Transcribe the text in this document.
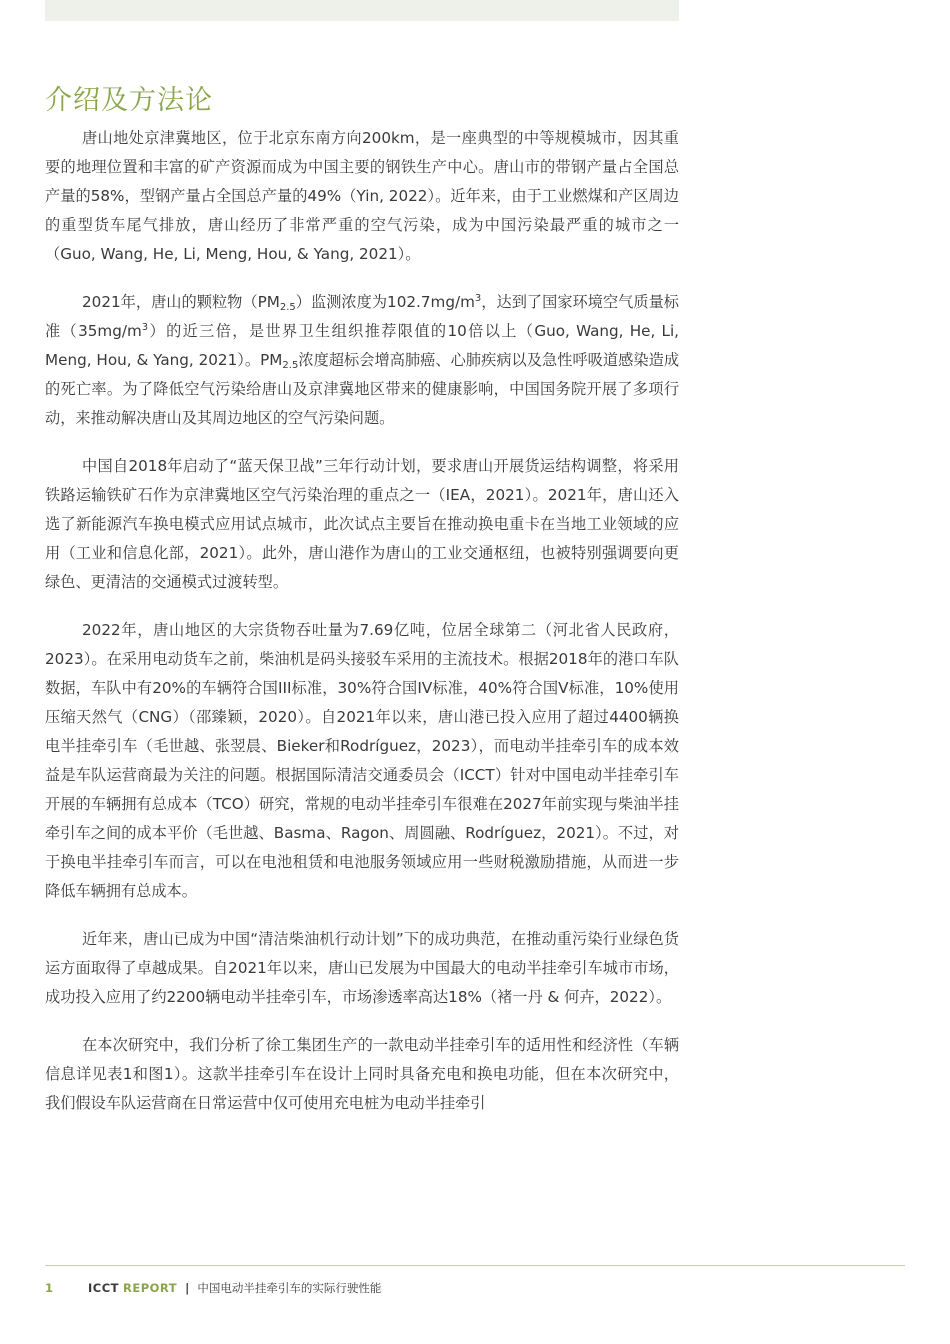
介绍及方法论

唐山地处京津冀地区，位于北京东南方向200km，是一座典型的中等规模城市，因其重要的地理位置和丰富的矿产资源而成为中国主要的钢铁生产中心。唐山市的带钢产量占全国总产量的58%，型钢产量占全国总产量的49%（Yin, 2022）。近年来，由于工业燃煤和产区周边的重型货车尾气排放，唐山经历了非常严重的空气污染，成为中国污染最严重的城市之一（Guo, Wang, He, Li, Meng, Hou, & Yang, 2021）。

2021年，唐山的颗粒物$(PM_{2.5})$监测浓度为$102.7mg/m^3$，达到了国家环境空气质量标准$(35mg/m^3)$的近三倍，是世界卫生组织推荐限值的10倍以上（Guo, Wang, He, Li, Meng, Hou, & Yang, 2021）。$PM_{2.5}$浓度超标会增高肺癌、心肺疾病以及急性呼吸道感染造成的死亡率。为了降低空气污染给唐山及京津冀地区带来的健康影响，中国国务院开展了多项行动，来推动解决唐山及其周边地区的空气污染问题。

中国自2018年启动了“蓝天保卫战”三年行动计划，要求唐山开展货运结构调整，将采用铁路运输铁矿石作为京津冀地区空气污染治理的重点之一（IEA，2021）。2021年，唐山还入选了新能源汽车换电模式应用试点城市，此次试点主要旨在推动换电重卡在当地工业领域的应用（工业和信息化部，2021）。此外，唐山港作为唐山的工业交通枢纽，也被特别强调要向更绿色、更清洁的交通模式过渡转型。

2022年，唐山地区的大宗货物吞吐量为7.69亿吨，位居全球第二（河北省人民政府，2023）。在采用电动货车之前，柴油机是码头接驳车采用的主流技术。根据2018年的港口车队数据，车队中有20%的车辆符合国III标准，30%符合国IV标准，40%符合国V标准，10%使用压缩天然气（CNG）（邵臻颖，2020）。自2021年以来，唐山港已投入应用了超过4400辆换电半挂牵引车（毛世越、张翌晨、Bieker和Rodríguez，2023），而电动半挂牵引车的成本效益是车队运营商最为关注的问题。根据国际清洁交通委员会（ICCT）针对中国电动半挂牵引车开展的车辆拥有总成本（TCO）研究，常规的电动半挂牵引车很难在2027年前实现与柴油半挂牵引车之间的成本平价（毛世越、Basma、Ragon、周圆融、Rodríguez，2021）。不过，对于换电半挂牵引车而言，可以在电池租赁和电池服务领域应用一些财税激励措施，从而进一步降低车辆拥有总成本。

近年来，唐山已成为中国“清洁柴油机行动计划”下的成功典范，在推动重污染行业绿色货运方面取得了卓越成果。自2021年以来，唐山已发展为中国最大的电动半挂牵引车城市市场，成功投入应用了约2200辆电动半挂牵引车，市场渗透率高达18%（褚一丹 & 何卉，2022）。

在本次研究中，我们分析了徐工集团生产的一款电动半挂牵引车的适用性和经济性（车辆信息详见表1和图1）。这款半挂牵引车在设计上同时具备充电和换电功能，但在本次研究中，我们假设车队运营商在日常运营中仅可使用充电桩为电动半挂牵引

1	ICCT REPORT | 中国电动半挂牵引车的实际行驶性能
